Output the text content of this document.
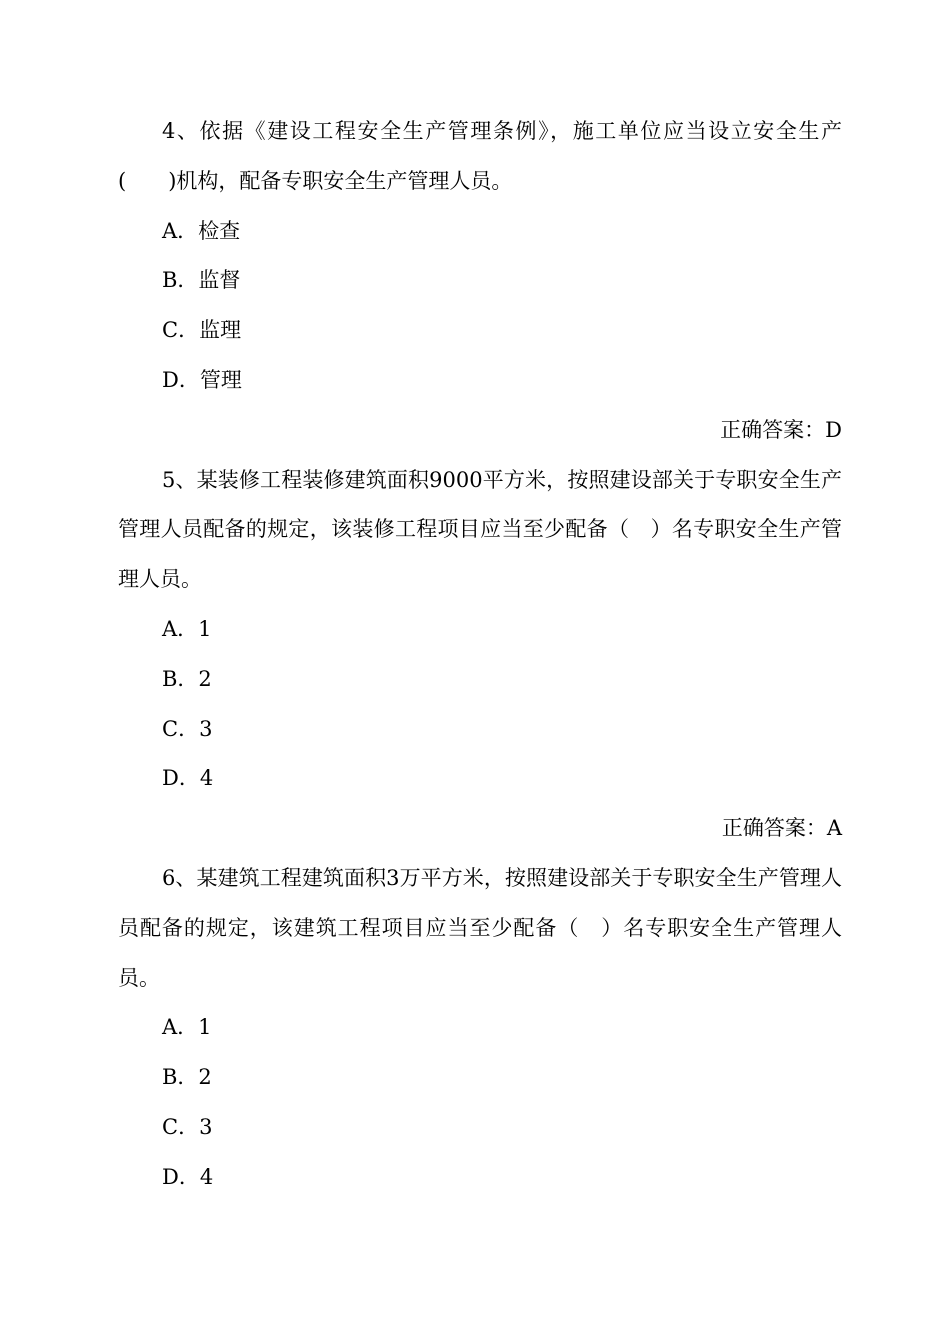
4、依据《建设工程安全生产管理条例》，施工单位应当设立安全生产(　　)机构，配备专职安全生产管理人员。

A．检查

B．监督

C．监理

D．管理

正确答案：D

5、某装修工程装修建筑面积9000平方米，按照建设部关于专职安全生产管理人员配备的规定，该装修工程项目应当至少配备（　）名专职安全生产管理人员。

A．1

B．2

C．3

D．4

正确答案：A

6、某建筑工程建筑面积3万平方米，按照建设部关于专职安全生产管理人员配备的规定，该建筑工程项目应当至少配备（　）名专职安全生产管理人员。

A．1

B．2

C．3

D．4
